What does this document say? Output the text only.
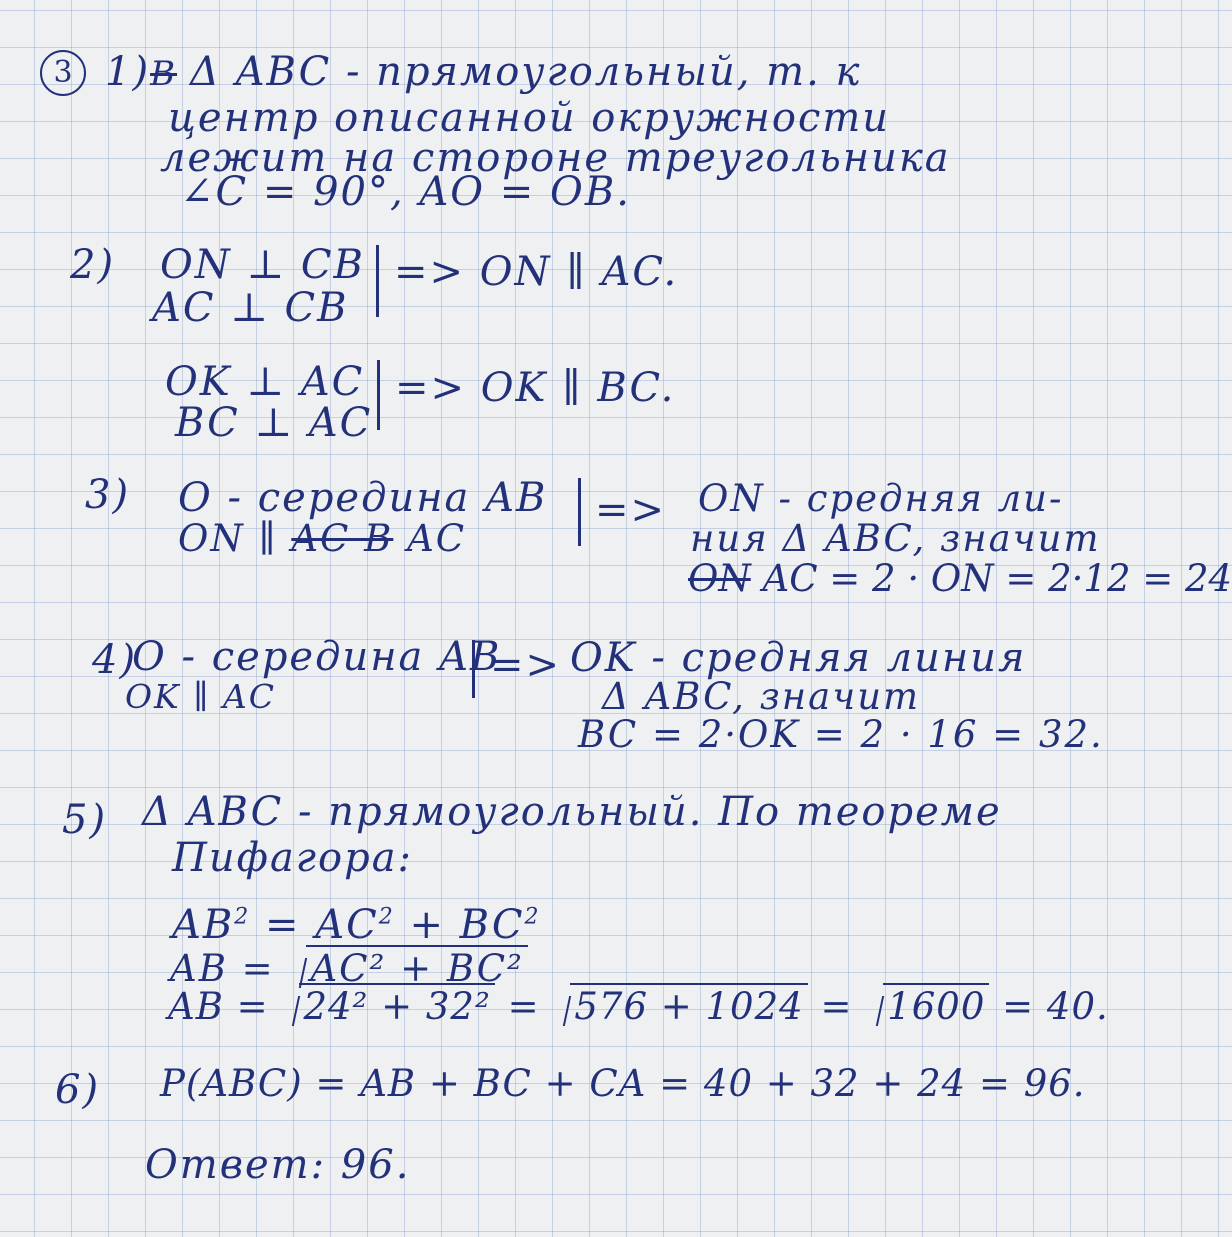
3 1)B Δ ABC - прямоугольный, т. к
центр описанной окружности
лежит на стороне треугольника
∠C = 90°, AO = OB.
2) ON ⊥ CB
AC ⊥ CB
=> ON ∥ AC.
OK ⊥ AC
BC ⊥ AC
=> OK ∥ BC.
3) O - середина AB
ON ∥ AC B AC
=> ON - средняя ли-
ния Δ ABC, значит
ON AC = 2 · ON = 2·12 = 24
4)
O - середина AB
OK ∥ AC
=> OK - средняя линия
Δ ABC, значит
BC = 2·OK = 2 · 16 = 32.
5) Δ ABC - прямоугольный. По теореме
Пифагора:
$AB^2 = AC^2 + BC^2$
AB = AC² + BC²
AB = 24² + 32² = 576 + 1024 = 1600 = 40.
6) P(ABC) = AB + BC + CA = 40 + 32 + 24 = 96.
Ответ: 96.
